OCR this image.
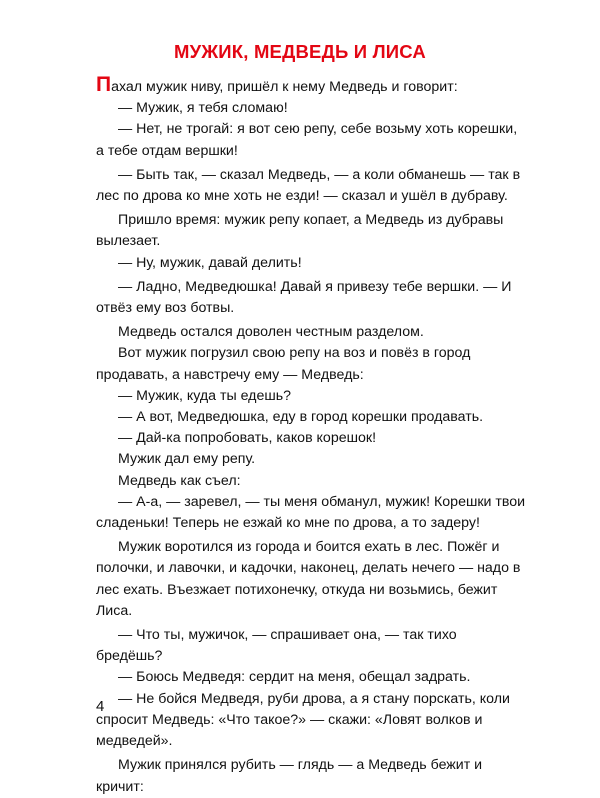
МУЖИК, МЕДВЕДЬ И ЛИСА

Пахал мужик ниву, пришёл к нему Медведь и говорит:

— Мужик, я тебя сломаю!

— Нет, не трогай: я вот сею репу, себе возьму хоть корешки, а тебе отдам вершки!

— Быть так, — сказал Медведь, — а коли обманешь — так в лес по дрова ко мне хоть не езди! — сказал и ушёл в дубраву.

Пришло время: мужик репу копает, а Медведь из дубравы вылезает.

— Ну, мужик, давай делить!

— Ладно, Медведюшка! Давай я привезу тебе вершки. — И отвёз ему воз ботвы.

Медведь остался доволен честным разделом.

Вот мужик погрузил свою репу на воз и повёз в город продавать, а навстречу ему — Медведь:

— Мужик, куда ты едешь?

— А вот, Медведюшка, еду в город корешки продавать.

— Дай-ка попробовать, каков корешок!

Мужик дал ему репу.

Медведь как съел:

— А-а, — заревел, — ты меня обманул, мужик! Корешки твои сладеньки! Теперь не езжай ко мне по дрова, а то задеру!

Мужик воротился из города и боится ехать в лес. Пожёг и полочки, и лавочки, и кадочки, наконец, делать нечего — надо в лес ехать. Въезжает потихонечку, откуда ни возьмись, бежит Лиса.

— Что ты, мужичок, — спрашивает она, — так тихо бредёшь?

— Боюсь Медведя: сердит на меня, обещал задрать.

— Не бойся Медведя, руби дрова, а я стану порскать, коли спросит Медведь: «Что такое?» — скажи: «Ловят волков и медведей».

Мужик принялся рубить — глядь — а Медведь бежит и кричит:

4
